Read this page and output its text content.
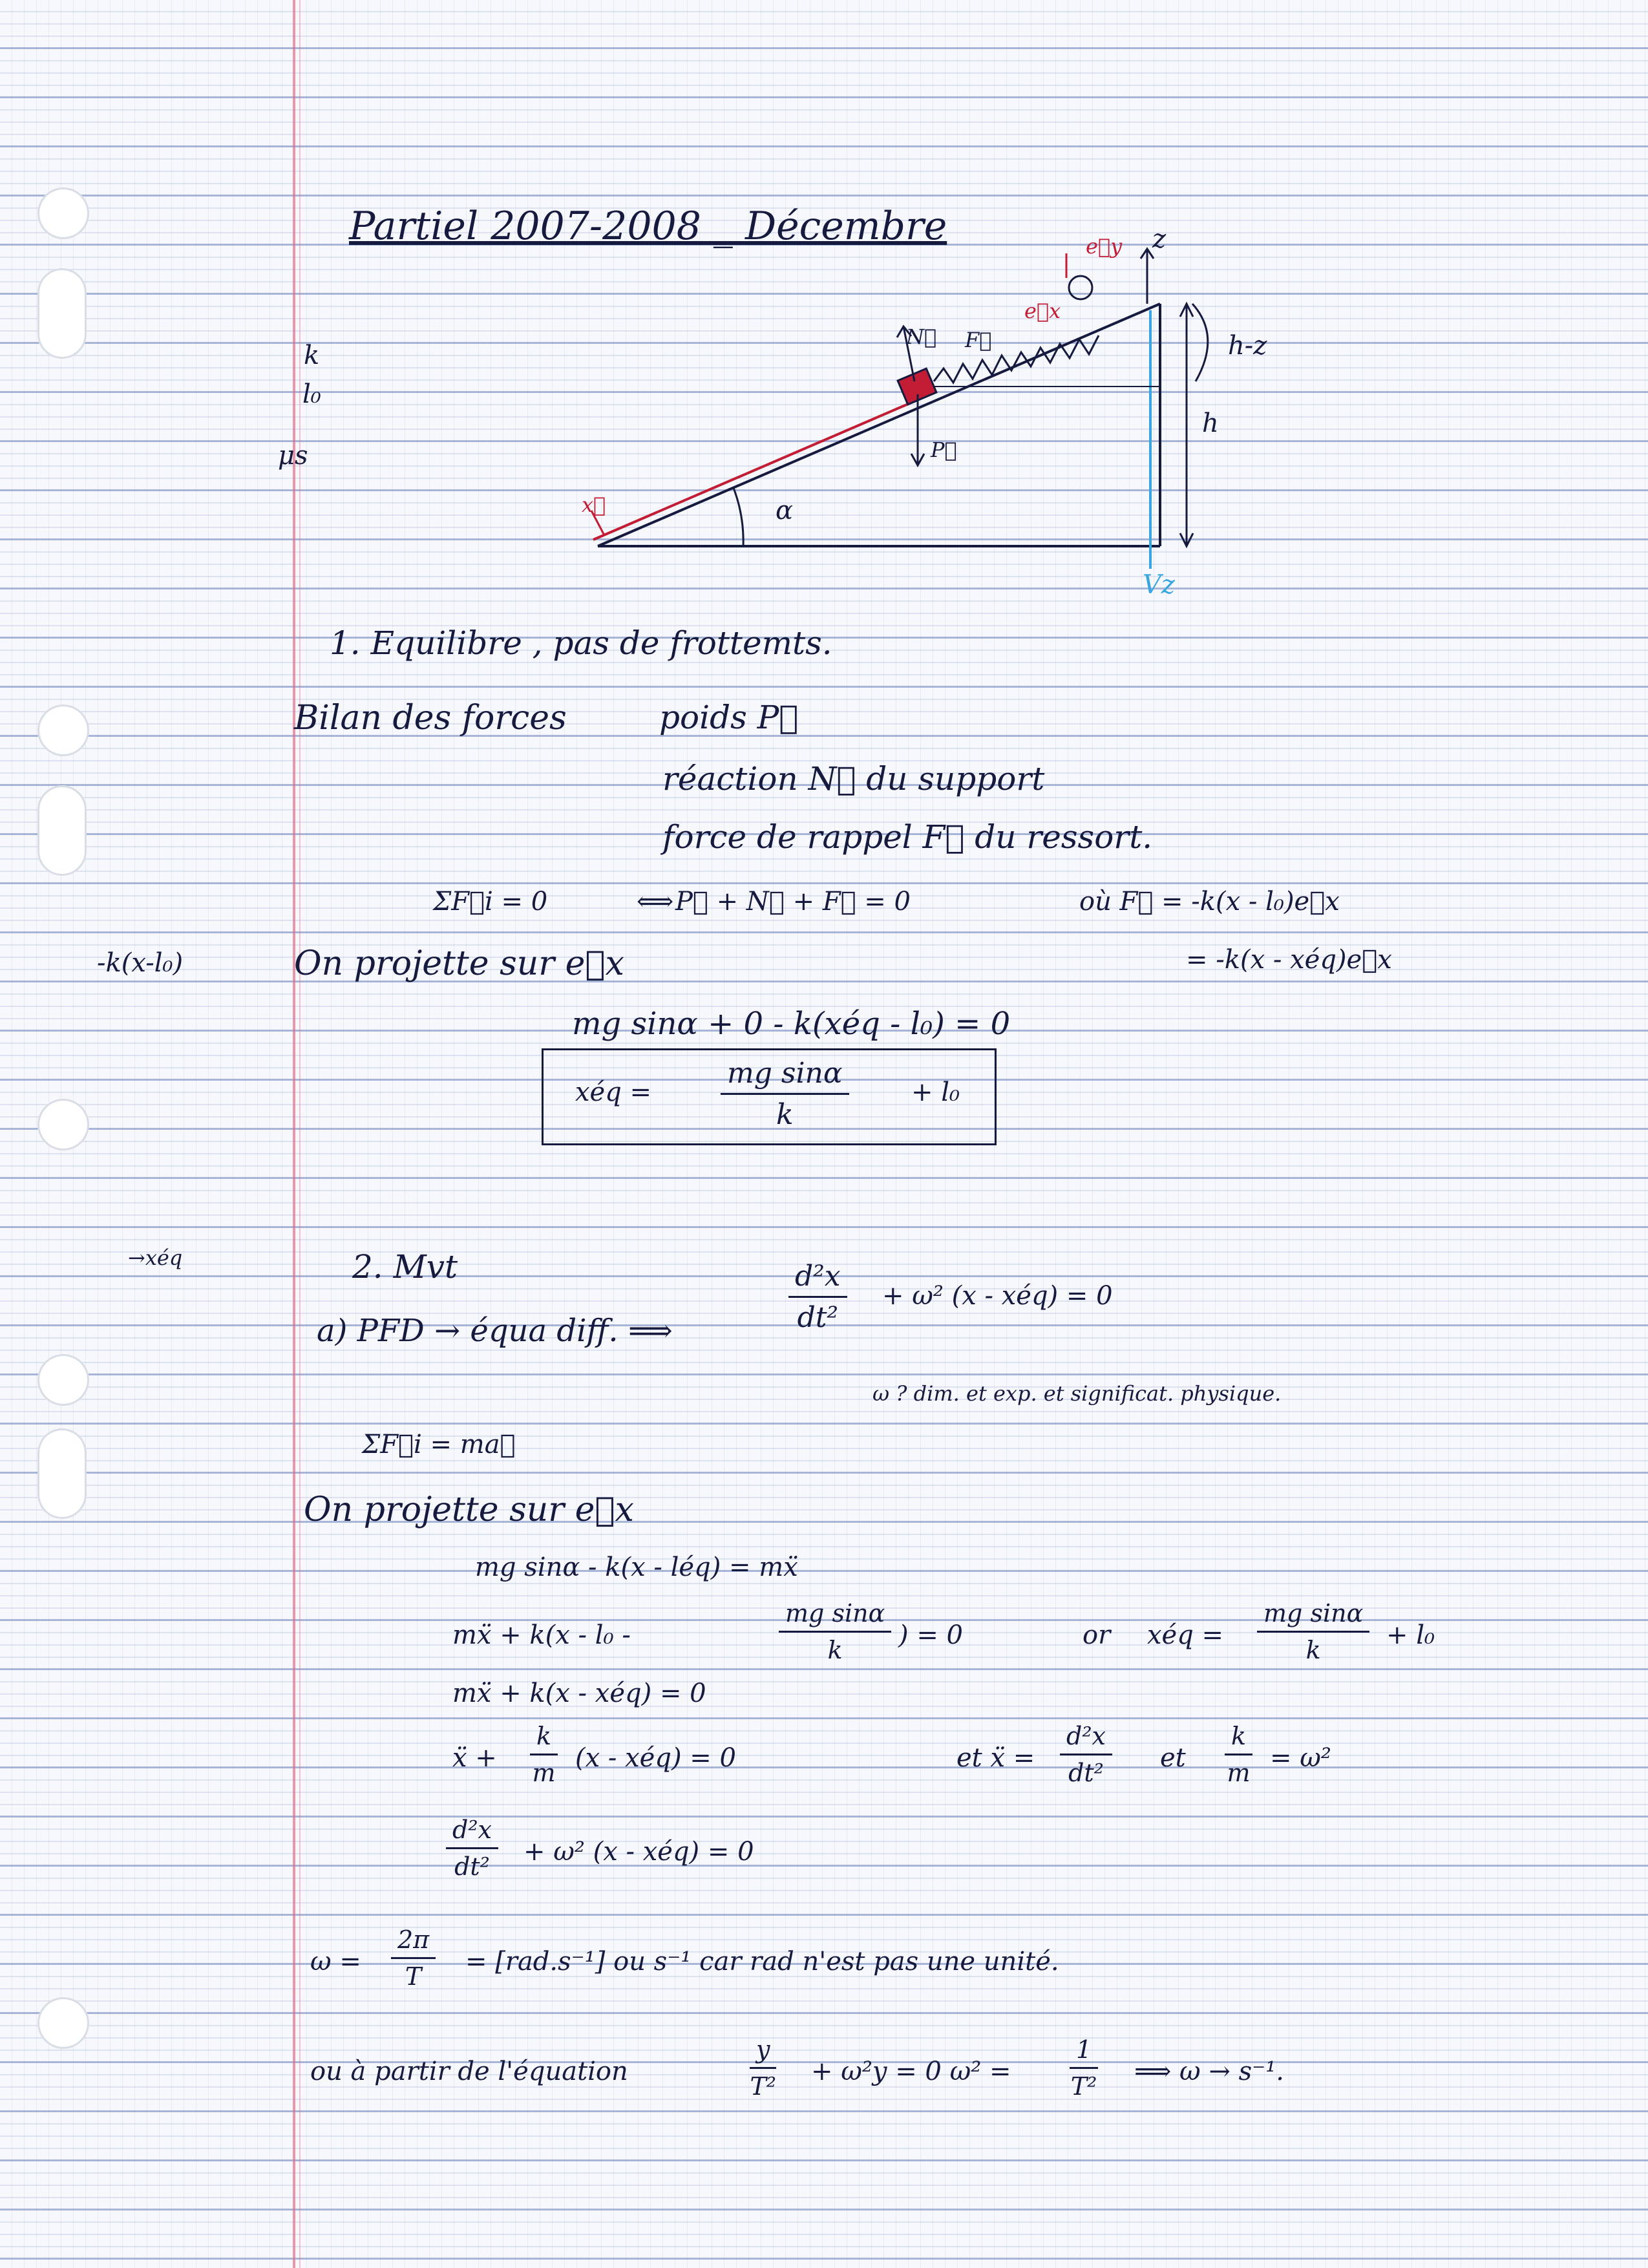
Partiel 2007-2008 _ Décembre
k
l₀
μs
-k(x-l₀)
→xéq
α
h-z
h
z
Vz
N⃗
P⃗
F⃗
e⃗x
e⃗y
x⃗
1. Equilibre , pas de frottemts.
Bilan des forces	poids P⃗
réaction N⃗ du support
force de rappel F⃗ du ressort.
ΣF⃗i = 0	⟺ P⃗ + N⃗ + F⃗ = 0	où F⃗ = -k(x - l₀)e⃗x
= -k(x - xéq)e⃗x
On projette sur e⃗x
mg sinα + 0 - k(xéq - l₀) = 0
xéq = $\frac{\text{mg sinα}}{k} + l_0$
2. Mvt
a) PFD → équa diff. ⟹	$\frac{\text{d²x}}{\text{dt²}} + \omega^2$ (x - xéq) = 0
ω ? dim. et exp. et significat. physique.
ΣF⃗i = ma⃗
On projette sur e⃗x
mg sinα - k(x - léq) = mẍ
mẍ + k(x - l₀ -	$\frac{\text{mg sinα}}{k}$ ) = 0	or xéq = $\frac{\text{mg sinα}}{k} + l_0$
mẍ + k(x - xéq) = 0
ẍ + $\frac{k}{m} (x$ - xéq) = 0	et ẍ = $\frac{\text{d²x}}{\text{dt²}}$ et $\frac{k}{m} = \omega^2$
$\frac{\text{d²x}}{\text{dt²}} + \omega^2$ (x - xéq) = 0
$\omega = \frac{2\pi}{T} = [rad.s^{-1}]$ ou s⁻¹ car rad n'est pas une unité.
ou à partir de l'équation	$\frac{y}{\text{T²}} + \omega^2y = 0$ $\omega^2 = \frac{1}{\text{T²}}$ ⟹ ω → s⁻¹.
